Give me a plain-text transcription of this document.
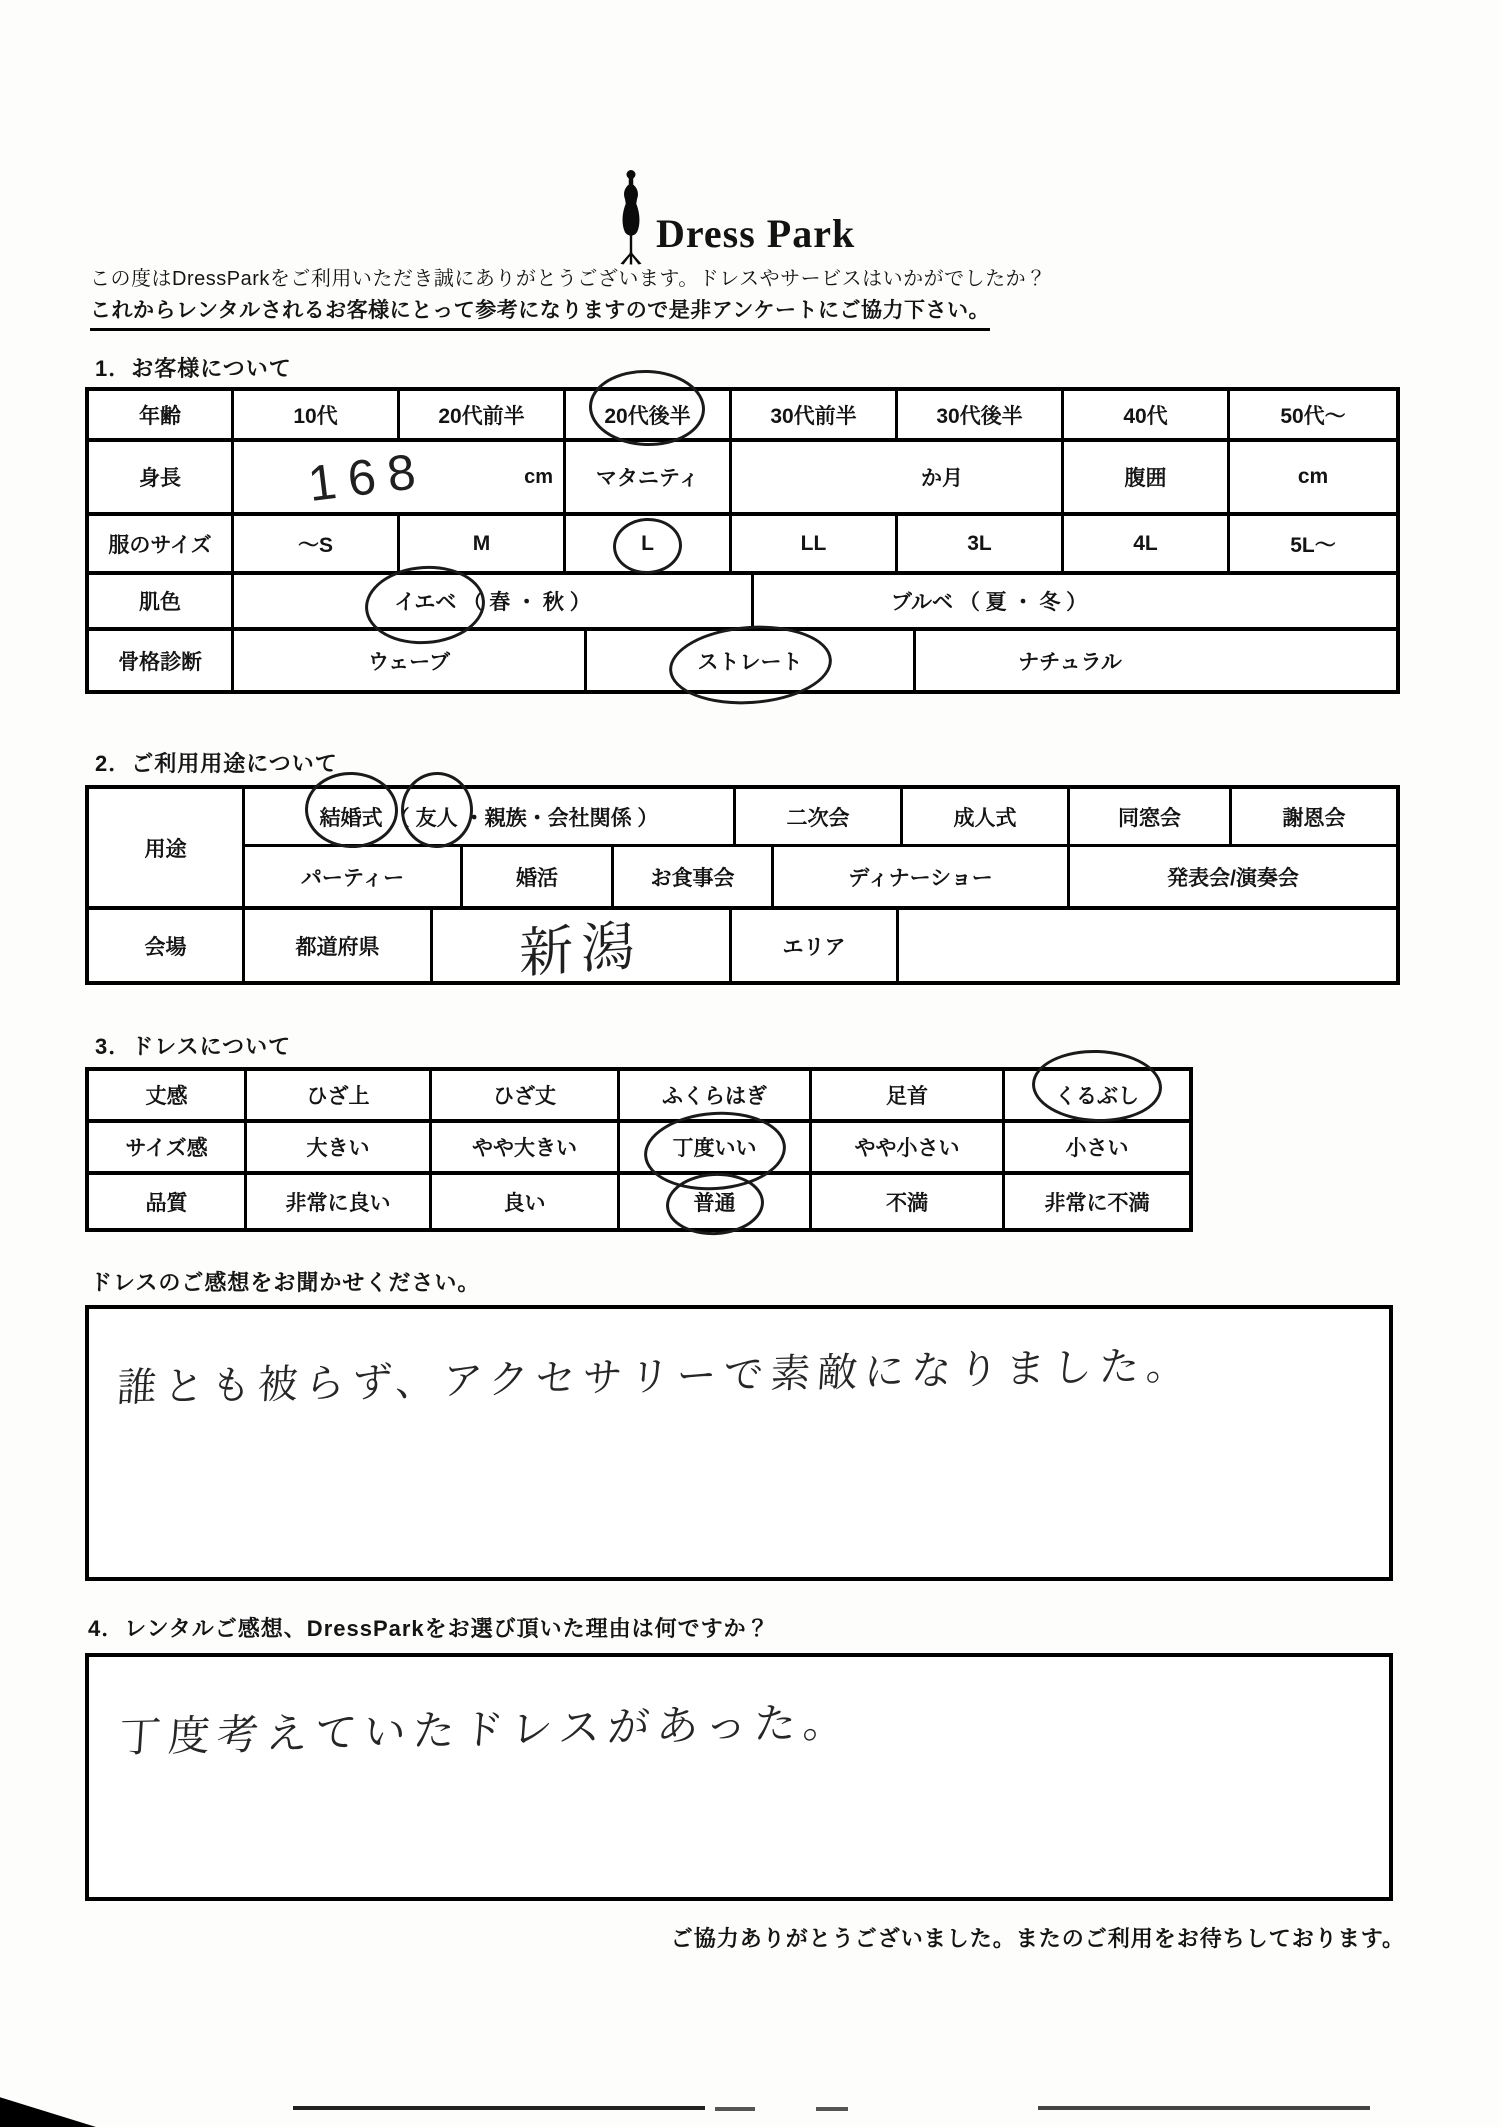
Dress Park
この度はDressParkをご利用いただき誠にありがとうございます。ドレスやサービスはいかがでしたか？
これからレンタルされるお客様にとって参考になりますので是非アンケートにご協力下さい。
1．お客様について
2．ご利用用途について
3．ドレスについて
4．レンタルご感想、DressParkをお選び頂いた理由は何ですか？
年齢	10代	20代前半	20代後半	30代前半	30代後半	40代	50代～
身長 168	cm	マタニティ	か月	腹囲	cm
服のサイズ	～S	M	L	LL	3L	4L	5L～
肌色	イエベ （ 春 ・ 秋 ）	ブルベ （ 夏 ・ 冬 ）
骨格診断	ウェーブ	ストレート	ナチュラル
用途
結婚式 （ 友人 ・親族・会社関係 ）	二次会	成人式	同窓会	謝恩会
パーティー	婚活	お食事会	ディナーショー	発表会/演奏会
会場	都道府県	新潟	エリア
丈感	ひざ上	ひざ丈	ふくらはぎ	足首	くるぶし
サイズ感	大きい	やや大きい	丁度いい	やや小さい	小さい
品質	非常に良い	良い	普通	不満	非常に不満
ドレスのご感想をお聞かせください。
誰とも被らず、アクセサリーで素敵になりました。
丁度考えていたドレスがあった。
ご協力ありがとうございました。またのご利用をお待ちしております。
